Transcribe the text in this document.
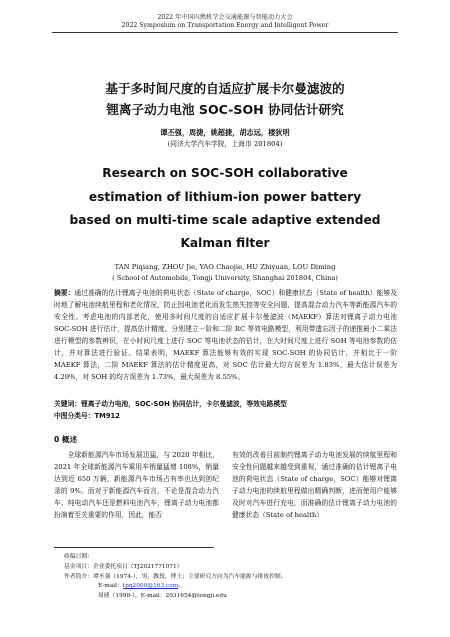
2022 年中国内燃机学会交通能源与智能动力大会
2022 Symposium on Transportation Energy and Intelligent Power
基于多时间尺度的自适应扩展卡尔曼滤波的
锂离子动力电池 SOC-SOH 协同估计研究
谭丕强，周捷，姚超捷，胡志远，楼狄明
(同济大学汽车学院，上海市 201804)
Research on SOC-SOH collaborative
estimation of lithium-ion power battery
based on multi-time scale adaptive extended
Kalman filter
TAN Piqiang, ZHOU Jie, YAO Chaojie, HU Zhiyuan, LOU Diming
( School of Automobile, Tongji University, Shanghai 201804, China)
摘要：通过准确的估计锂离子电池的荷电状态（State of charge，SOC）和健康状态（State of health）能够及时地了解电池续航里程和老化情况，防止因电池老化而发生热失控等安全问题，提高混合动力汽车等新能源汽车的安全性。考虑电池的内部老化，使用多时间尺度的自适应扩展卡尔曼滤波（MAEKF）算法对锂离子动力电池 SOC-SOH 进行估计，提高估计精度。分别建立一阶和二阶 RC 等效电路模型，利用带遗忘因子的递推最小二乘法进行模型的参数辨识，在小时间尺度上进行 SOC 等电池状态的估计，在大时间尺度上进行 SOH 等电池参数的估计，并对算法进行验证。结果表明，MAEKF 算法能够有效的实现 SOC-SOH 的协同估计，并相比于一阶 MAEKF 算法，二阶 MAEKF 算法的估计精度更高，对 SOC 估计最大均方误差为 1.83%，最大估计误差为 4.29%，对 SOH 的均方误差为 1.73%，最大误差为 8.55%。
关键词：锂离子动力电池，SOC-SOH 协同估计，卡尔曼滤波，等效电路模型
中图分类号：TM912
0 概述
全球新能源汽车市场发展迅猛，与 2020 年相比，2021 年全球新能源汽车乘用车销量猛增 108%，销量达到近 650 万辆，新能源汽车市场占有率也达到创纪录的 9%。而对于新能源汽车而言，不论是混合动力汽车、纯电动汽车还是燃料电池汽车，锂离子动力电池都扮演着至关重要的作用，因此，能否
有效的改善目前制约锂离子动力电池发展的续航里程和安全性问题越来越受到重视，通过准确的估计锂离子电池的荷电状态（State of charge，SOC）能够对锂离子动力电池的续航里程做出精确判断，进而使用户能够及时对汽车进行充电，而准确的估计锂离子动力电池的健康状态（State of health）
收稿日期：
基金项目：企业委托项目（TJ2021771071）
作者简介：谭丕强（1974-），男，教授，博士；主要研究方向为汽车能源与排放控制。
E-mail：tpq2000@163.com。
周捷（1998-），E-mail：2031654@tongji.edu
